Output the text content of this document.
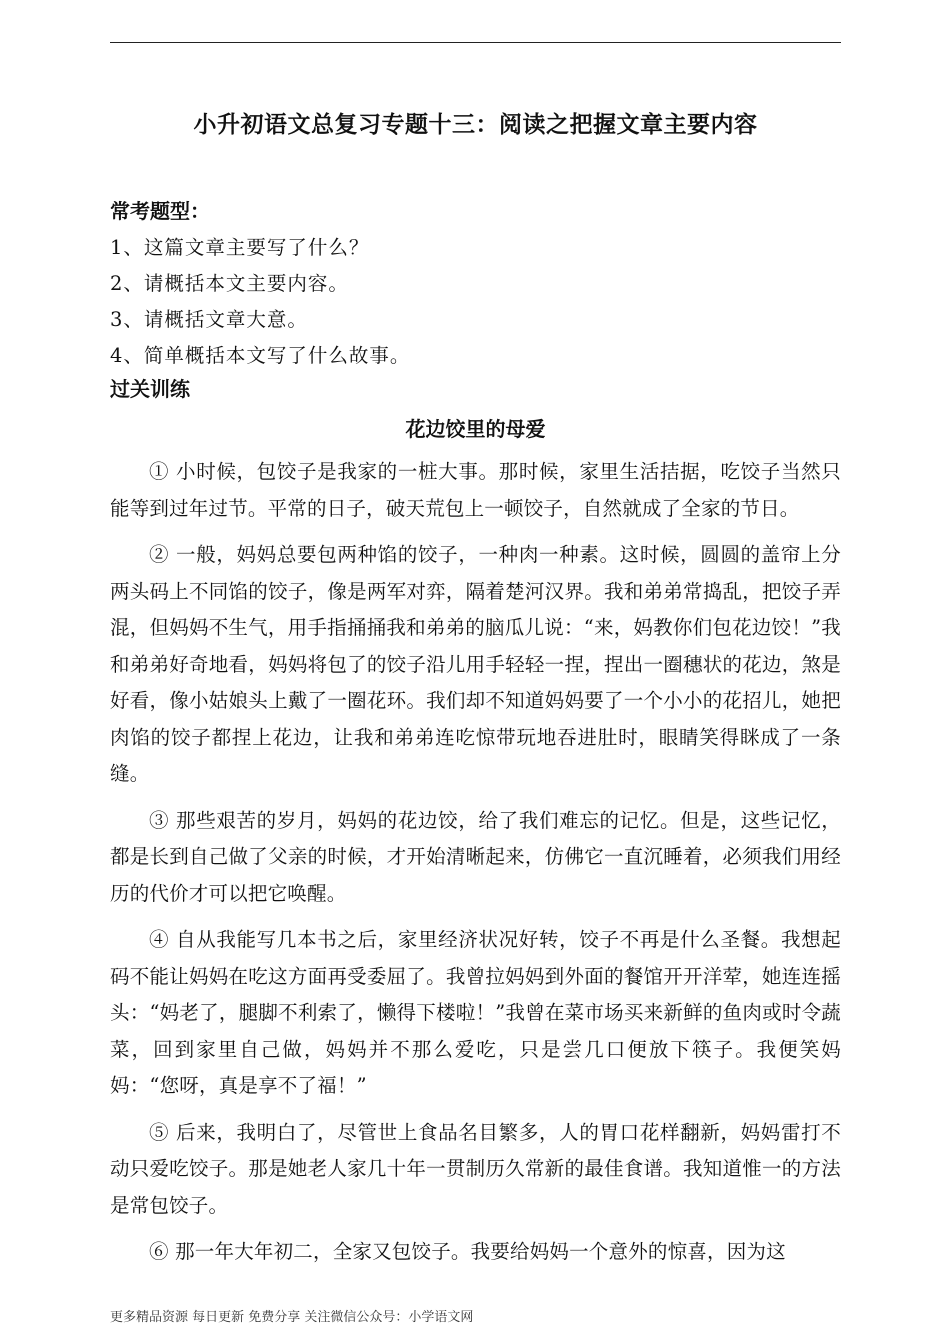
小升初语文总复习专题十三：阅读之把握文章主要内容

常考题型：

1、这篇文章主要写了什么？
2、请概括本文主要内容。
3、请概括文章大意。
4、简单概括本文写了什么故事。

过关训练

花边饺里的母爱

① 小时候，包饺子是我家的一桩大事。那时候，家里生活拮据，吃饺子当然只能等到过年过节。平常的日子，破天荒包上一顿饺子，自然就成了全家的节日。

② 一般，妈妈总要包两种馅的饺子，一种肉一种素。这时候，圆圆的盖帘上分两头码上不同馅的饺子，像是两军对弈，隔着楚河汉界。我和弟弟常捣乱，把饺子弄混，但妈妈不生气，用手指捅捅我和弟弟的脑瓜儿说：“来，妈教你们包花边饺！”我和弟弟好奇地看，妈妈将包了的饺子沿儿用手轻轻一捏，捏出一圈穗状的花边，煞是好看，像小姑娘头上戴了一圈花环。我们却不知道妈妈要了一个小小的花招儿，她把肉馅的饺子都捏上花边，让我和弟弟连吃惊带玩地吞进肚时，眼睛笑得眯成了一条缝。

③ 那些艰苦的岁月，妈妈的花边饺，给了我们难忘的记忆。但是，这些记忆，都是长到自己做了父亲的时候，才开始清晰起来，仿佛它一直沉睡着，必须我们用经历的代价才可以把它唤醒。

④ 自从我能写几本书之后，家里经济状况好转，饺子不再是什么圣餐。我想起码不能让妈妈在吃这方面再受委屈了。我曾拉妈妈到外面的餐馆开开洋荤，她连连摇头：“妈老了，腿脚不利索了，懒得下楼啦！”我曾在菜市场买来新鲜的鱼肉或时令蔬菜，回到家里自己做，妈妈并不那么爱吃，只是尝几口便放下筷子。我便笑妈妈：“您呀，真是享不了福！”

⑤ 后来，我明白了，尽管世上食品名目繁多，人的胃口花样翻新，妈妈雷打不动只爱吃饺子。那是她老人家几十年一贯制历久常新的最佳食谱。我知道惟一的方法是常包饺子。

⑥ 那一年大年初二，全家又包饺子。我要给妈妈一个意外的惊喜，因为这

更多精品资源 每日更新 免费分享 关注微信公众号：小学语文网
